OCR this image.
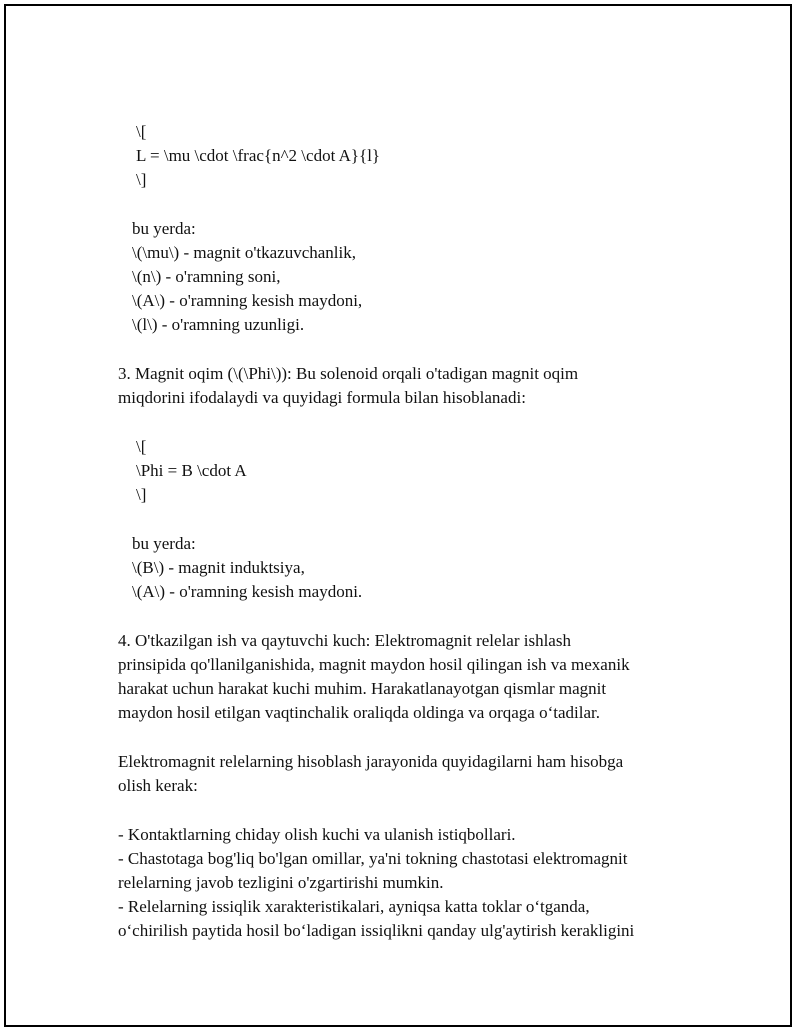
\[

L = \mu \cdot \frac{n^2 \cdot A}{l}

\]

bu yerda:

\(\mu\) - magnit o'tkazuvchanlik,

\(n\) - o'ramning soni,

\(A\) - o'ramning kesish maydoni,

\(l\) - o'ramning uzunligi.

3. Magnit oqim (\(\Phi\)): Bu solenoid orqali o'tadigan magnit oqim

miqdorini ifodalaydi va quyidagi formula bilan hisoblanadi:

\[

\Phi = B \cdot A

\]

bu yerda:

\(B\) - magnit induktsiya,

\(A\) - o'ramning kesish maydoni.

4. O'tkazilgan ish va qaytuvchi kuch: Elektromagnit relelar ishlash

prinsipida qo'llanilganishida, magnit maydon hosil qilingan ish va mexanik

harakat uchun harakat kuchi muhim. Harakatlanayotgan qismlar magnit

maydon hosil etilgan vaqtinchalik oraliqda oldinga va orqaga o‘tadilar.

Elektromagnit relelarning hisoblash jarayonida quyidagilarni ham hisobga

olish kerak:

- Kontaktlarning chiday olish kuchi va ulanish istiqbollari.

- Chastotaga bog'liq bo'lgan omillar, ya'ni tokning chastotasi elektromagnit

relelarning javob tezligini o'zgartirishi mumkin.

- Relelarning issiqlik xarakteristikalari, ayniqsa katta toklar o‘tganda,

o‘chirilish paytida hosil bo‘ladigan issiqlikni qanday ulg'aytirish kerakligini
